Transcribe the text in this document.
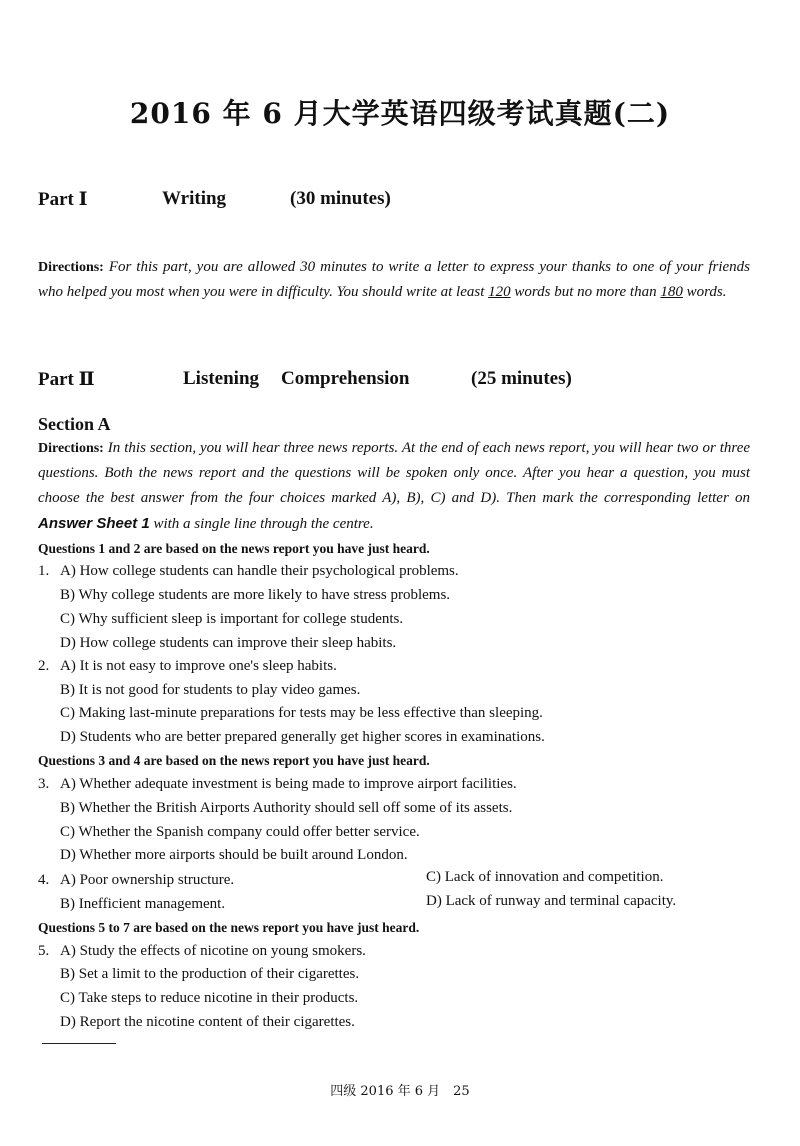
2016 年 6 月大学英语四级考试真题(二)
Part Ⅰ	Writing	(30 minutes)
Directions: For this part, you are allowed 30 minutes to write a letter to express your thanks to one of your friends who helped you most when you were in difficulty. You should write at least 120 words but no more than 180 words.
Part Ⅱ	Listening Comprehension	(25 minutes)
Section A
Directions: In this section, you will hear three news reports. At the end of each news report, you will hear two or three questions. Both the news report and the questions will be spoken only once. After you hear a question, you must choose the best answer from the four choices marked A), B), C) and D). Then mark the corresponding letter on Answer Sheet 1 with a single line through the centre.
Questions 1 and 2 are based on the news report you have just heard.
1. A) How college students can handle their psychological problems.
B) Why college students are more likely to have stress problems.
C) Why sufficient sleep is important for college students.
D) How college students can improve their sleep habits.
2. A) It is not easy to improve one's sleep habits.
B) It is not good for students to play video games.
C) Making last-minute preparations for tests may be less effective than sleeping.
D) Students who are better prepared generally get higher scores in examinations.
Questions 3 and 4 are based on the news report you have just heard.
3. A) Whether adequate investment is being made to improve airport facilities.
B) Whether the British Airports Authority should sell off some of its assets.
C) Whether the Spanish company could offer better service.
D) Whether more airports should be built around London.
4. A) Poor ownership structure.	C) Lack of innovation and competition.
B) Inefficient management.	D) Lack of runway and terminal capacity.
Questions 5 to 7 are based on the news report you have just heard.
5. A) Study the effects of nicotine on young smokers.
B) Set a limit to the production of their cigarettes.
C) Take steps to reduce nicotine in their products.
D) Report the nicotine content of their cigarettes.
四级 2016 年 6 月　25
